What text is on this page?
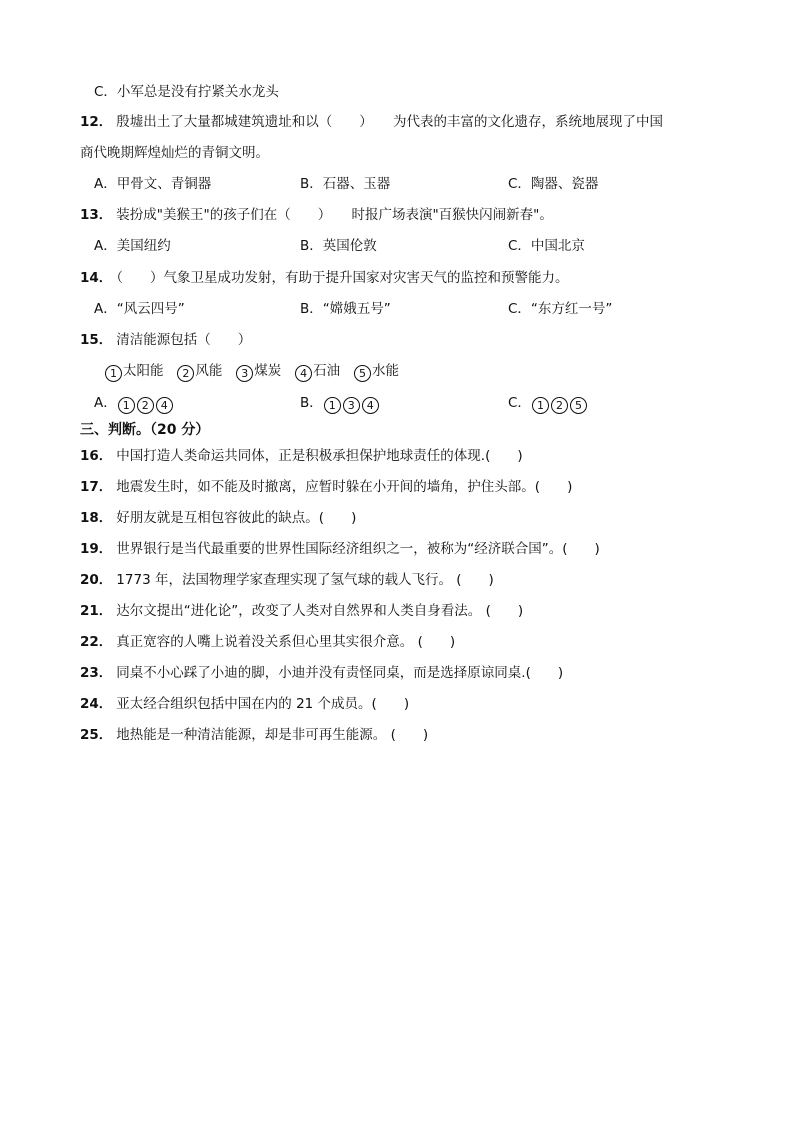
C．小军总是没有拧紧关水龙头
12． 殷墟出土了大量都城建筑遗址和以（　　）　　为代表的丰富的文化遗存，系统地展现了中国
商代晚期辉煌灿烂的青铜文明。
A．甲骨文、青铜器	B．石器、玉器	C．陶器、瓷器
13． 装扮成"美猴王"的孩子们在（　　）　　时报广场表演"百猴快闪闹新春"。
A．美国纽约	B．英国伦敦	C．中国北京
14． （　　）气象卫星成功发射，有助于提升国家对灾害天气的监控和预警能力。
A．“风云四号”	B．“嫦娥五号”	C．“东方红一号”
15． 清洁能源包括（　　）
1 太阳能 2 风能 3 煤炭 4 石油 5 水能
A． 1 2 4	B． 1 3 4	C． 1 2 5
三、判断。（20 分）
16． 中国打造人类命运共同体，正是积极承担保护地球责任的体现.(　　)
17． 地震发生时，如不能及时撤离，应暂时躲在小开间的墙角，护住头部。(　　)
18． 好朋友就是互相包容彼此的缺点。(　　)
19． 世界银行是当代最重要的世界性国际经济组织之一，被称为“经济联合国”。(　　)
20． 1773 年，法国物理学家查理实现了氢气球的载人飞行。 (　　)
21． 达尔文提出“进化论”，改变了人类对自然界和人类自身看法。 (　　)
22． 真正宽容的人嘴上说着没关系但心里其实很介意。 (　　)
23． 同桌不小心踩了小迪的脚，小迪并没有责怪同桌，而是选择原谅同桌.(　　)
24． 亚太经合组织包括中国在内的 21 个成员。(　　)
25． 地热能是一种清洁能源，却是非可再生能源。 (　　)
